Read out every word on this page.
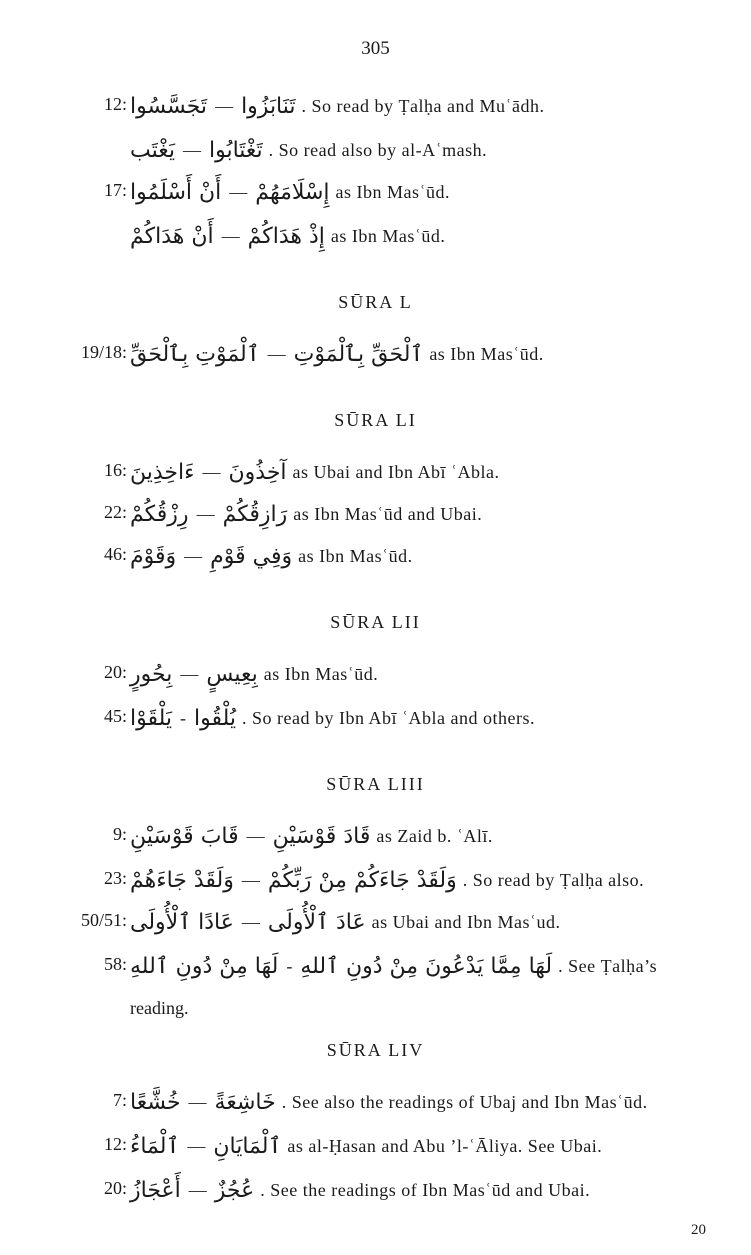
305
12: تَجَسَّسُوا — تَنَابَزُوا . So read by Ṭalḥa and Muʿādh.
يَغْتَب — تَغْتَابُوا . So read also by al-Aʿmash.
17: أَنْ أَسْلَمُوا — إِسْلَامَهُمْ as Ibn Masʿūd.
أَنْ هَدَاكُمْ — إِذْ هَدَاكُمْ as Ibn Masʿūd.
SŪRA L
19/18: ٱلْمَوْتِ بِٱلْحَقِّ — ٱلْحَقِّ بِٱلْمَوْتِ as Ibn Masʿūd.
SŪRA LI
16: ءَاخِذِينَ — آخِذُونَ as Ubai and Ibn Abī ʿAbla.
22: رِزْقُكُمْ — رَازِقُكُمْ as Ibn Masʿūd and Ubai.
46: وَقَوْمَ — وَفِي قَوْمِ as Ibn Masʿūd.
SŪRA LII
20: بِحُورٍ — بِعِيسٍ as Ibn Masʿūd.
45: يَلْقَوْا - يُلْقُوا . So read by Ibn Abī ʿAbla and others.
SŪRA LIII
9: قَابَ قَوْسَيْنِ — قَادَ قَوْسَيْنِ as Zaid b. ʿAlī.
23: وَلَقَدْ جَاءَهُمْ — وَلَقَدْ جَاءَكُمْ مِنْ رَبِّكُمْ . So read by Ṭalḥa also.
50/51: عَادًا ٱلْأُولَى — عَادَ ٱلْأُولَى as Ubai and Ibn Masʿud.
58: لَهَا مِنْ دُونِ ٱللهِ - لَهَا مِمَّا يَدْعُونَ مِنْ دُونِ ٱللهِ . See Ṭalḥa’s
reading.
SŪRA LIV
7: خُشَّعًا — خَاشِعَةً . See also the readings of Ubaj and Ibn Masʿūd.
12: ٱلْمَاءُ — ٱلْمَايَانِ as al-Ḥasan and Abu ’l-ʿĀliya. See Ubai.
20: أَعْجَازُ — عُجُزٌ . See the readings of Ibn Masʿūd and Ubai.
20
